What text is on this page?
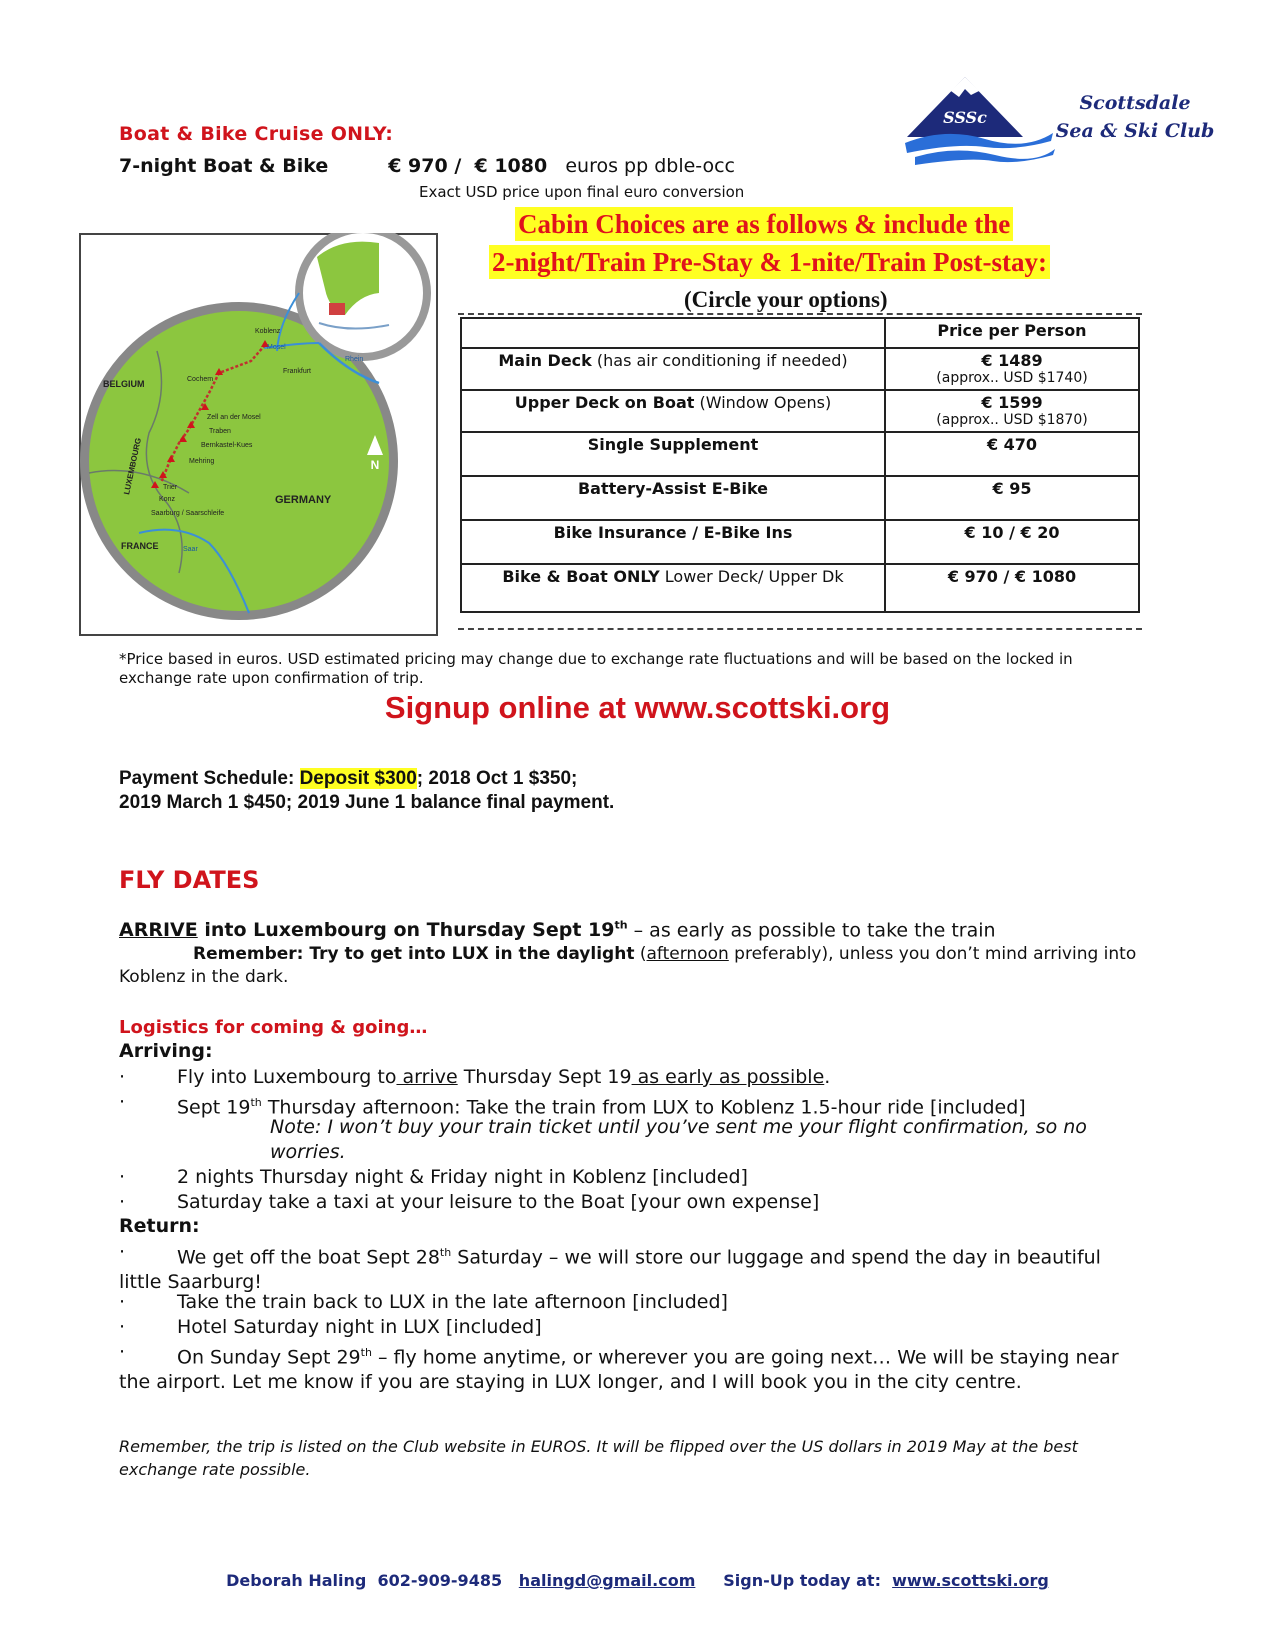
SSSc
Scottsdale
Sea & Ski Club
Boat & Bike Cruise ONLY:
7-night Boat & Bike	€ 970 /  € 1080 euros pp dble-occ
Exact USD price upon final euro conversion
Cabin Choices are as follows & include the
2-night/Train Pre-Stay & 1-nite/Train Post-stay:
(Circle your options)
N
Koblenz
Frankfurt
Cochem
Zell an der Mosel
Traben
Bernkastel-Kues
Mehring
Trier
Konz
Saarburg / Saarschleife
Mosel
Rhein
Saar
BELGIUM
GERMANY
FRANCE
LUXEMBOURG
	Price per Person
Main Deck (has air conditioning if needed)	€ 1489
(approx.. USD $1740)

Upper Deck on Boat (Window Opens)	€ 1599
(approx.. USD $1870)

Single Supplement	€ 470
Battery-Assist E-Bike	€ 95
Bike Insurance / E-Bike Ins	€ 10 / € 20
Bike & Boat ONLY Lower Deck/ Upper Dk	€ 970 / € 1080
*Price based in euros. USD estimated pricing may change due to exchange rate fluctuations and will be based on the locked in exchange rate upon confirmation of trip.
Signup online at www.scottski.org
Payment Schedule: Deposit $300; 2018 Oct 1 $350;
2019 March 1 $450; 2019 June 1 balance final payment.
FLY DATES
ARRIVE into Luxembourg on Thursday Sept 19th – as early as possible to take the train
Remember: Try to get into LUX in the daylight (afternoon preferably), unless you don’t mind arriving into Koblenz in the dark.
Logistics for coming & going…
Arriving:
·	Fly into Luxembourg to arrive Thursday Sept 19 as early as possible.
·	Sept 19th Thursday afternoon: Take the train from LUX to Koblenz 1.5-hour ride [included]
Note: I won’t buy your train ticket until you’ve sent me your flight confirmation, so no worries.
·	2 nights Thursday night & Friday night in Koblenz [included]
·	Saturday take a taxi at your leisure to the Boat [your own expense]
Return:
·	We get off the boat Sept 28th Saturday – we will store our luggage and spend the day in beautiful little Saarburg!
·	Take the train back to LUX in the late afternoon [included]
·	Hotel Saturday night in LUX [included]
·	On Sunday Sept 29th – fly home anytime, or wherever you are going next… We will be staying near the airport. Let me know if you are staying in LUX longer, and I will book you in the city centre.
Remember, the trip is listed on the Club website in EUROS. It will be flipped over the US dollars in 2019 May at the best exchange rate possible.
Deborah Haling  602-909-9485   halingd@gmail.com     Sign-Up today at:  www.scottski.org
